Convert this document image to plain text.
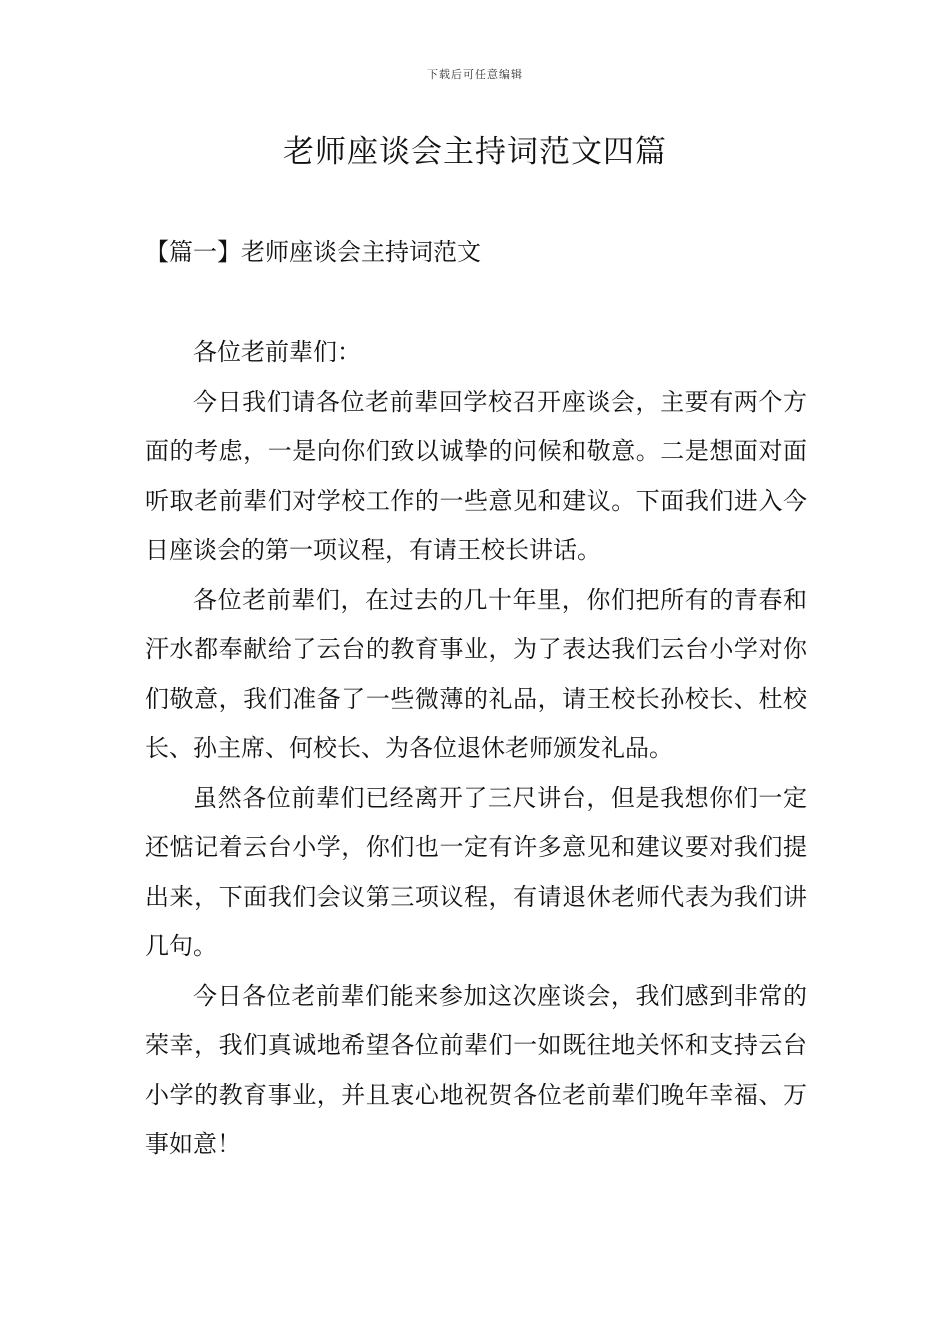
下载后可任意编辑
老师座谈会主持词范文四篇
【篇一】老师座谈会主持词范文

各位老前辈们：

今日我们请各位老前辈回学校召开座谈会，主要有两个方面的考虑，一是向你们致以诚挚的问候和敬意。二是想面对面听取老前辈们对学校工作的一些意见和建议。下面我们进入今日座谈会的第一项议程，有请王校长讲话。

各位老前辈们，在过去的几十年里，你们把所有的青春和汗水都奉献给了云台的教育事业，为了表达我们云台小学对你们敬意，我们准备了一些微薄的礼品，请王校长孙校长、杜校长、孙主席、何校长、为各位退休老师颁发礼品。

虽然各位前辈们已经离开了三尺讲台，但是我想你们一定还惦记着云台小学，你们也一定有许多意见和建议要对我们提出来，下面我们会议第三项议程，有请退休老师代表为我们讲几句。

今日各位老前辈们能来参加这次座谈会，我们感到非常的荣幸，我们真诚地希望各位前辈们一如既往地关怀和支持云台小学的教育事业，并且衷心地祝贺各位老前辈们晚年幸福、万事如意！
